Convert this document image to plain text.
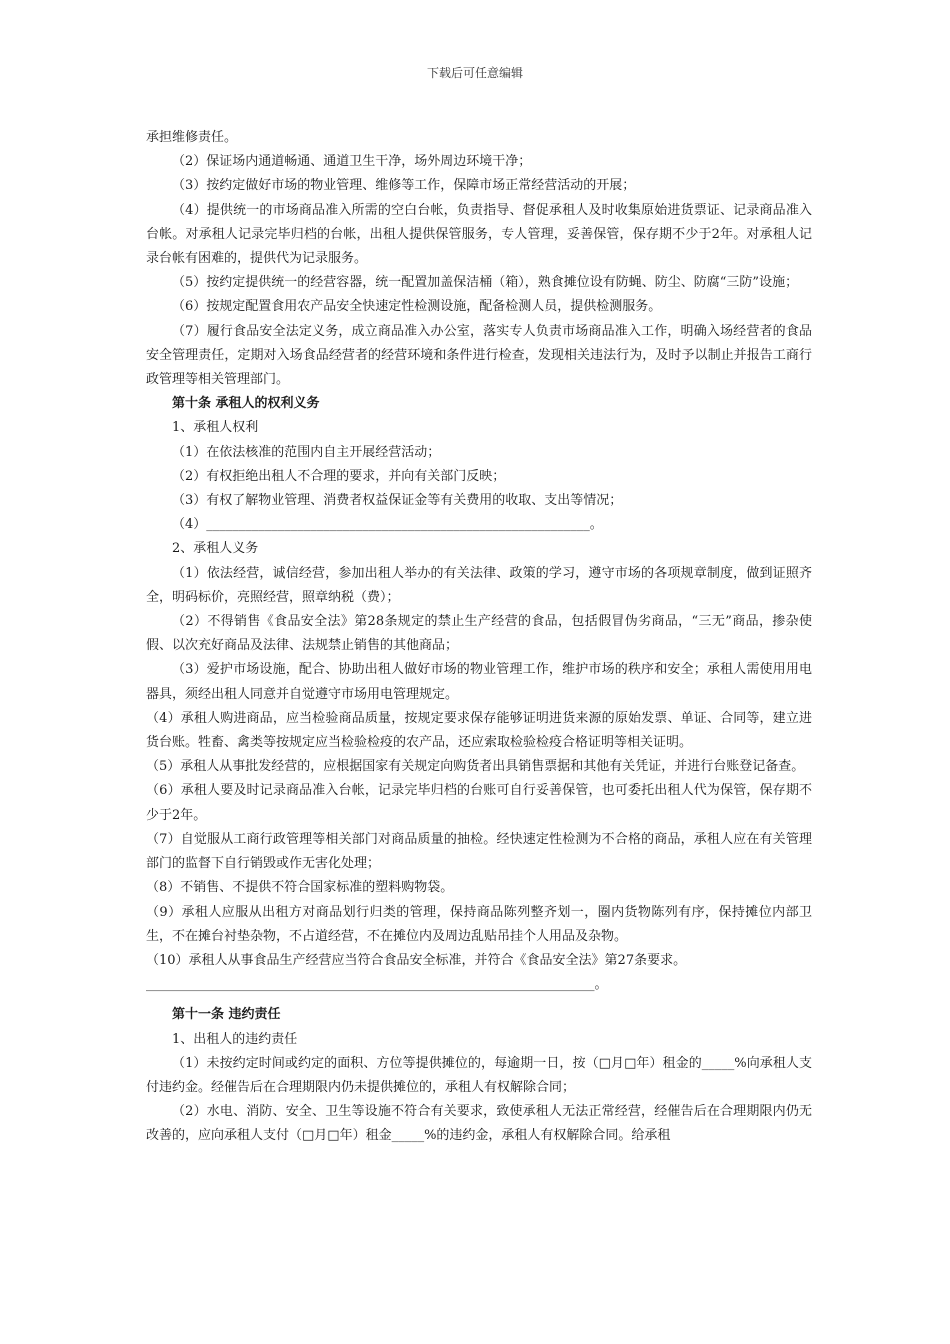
下载后可任意编辑

承担维修责任。

（2）保证场内通道畅通、通道卫生干净，场外周边环境干净；

（3）按约定做好市场的物业管理、维修等工作，保障市场正常经营活动的开展；

（4）提供统一的市场商品准入所需的空白台帐，负责指导、督促承租人及时收集原始进货票证、记录商品准入台帐。对承租人记录完毕归档的台帐，出租人提供保管服务，专人管理，妥善保管，保存期不少于2年。对承租人记录台帐有困难的，提供代为记录服务。

（5）按约定提供统一的经营容器，统一配置加盖保洁桶（箱），熟食摊位设有防蝇、防尘、防腐“三防”设施；

（6）按规定配置食用农产品安全快速定性检测设施，配备检测人员，提供检测服务。

（7）履行食品安全法定义务，成立商品准入办公室，落实专人负责市场商品准入工作，明确入场经营者的食品安全管理责任，定期对入场食品经营者的经营环境和条件进行检查，发现相关违法行为，及时予以制止并报告工商行政管理等相关管理部门。

第十条 承租人的权利义务

1、承租人权利

（1）在依法核准的范围内自主开展经营活动；

（2）有权拒绝出租人不合理的要求，并向有关部门反映；

（3）有权了解物业管理、消费者权益保证金等有关费用的收取、支出等情况；

（4）___________________________________________________________。

2、承租人义务

（1）依法经营，诚信经营，参加出租人举办的有关法律、政策的学习，遵守市场的各项规章制度，做到证照齐全，明码标价，亮照经营，照章纳税（费）；

（2）不得销售《食品安全法》第28条规定的禁止生产经营的食品，包括假冒伪劣商品，“三无”商品，掺杂使假、以次充好商品及法律、法规禁止销售的其他商品；

（3）爱护市场设施，配合、协助出租人做好市场的物业管理工作，维护市场的秩序和安全；承租人需使用用电器具，须经出租人同意并自觉遵守市场用电管理规定。

（4）承租人购进商品，应当检验商品质量，按规定要求保存能够证明进货来源的原始发票、单证、合同等，建立进货台账。牲畜、禽类等按规定应当检验检疫的农产品，还应索取检验检疫合格证明等相关证明。

（5）承租人从事批发经营的，应根据国家有关规定向购货者出具销售票据和其他有关凭证，并进行台账登记备查。

（6）承租人要及时记录商品准入台帐，记录完毕归档的台账可自行妥善保管，也可委托出租人代为保管，保存期不少于2年。

（7）自觉服从工商行政管理等相关部门对商品质量的抽检。经快速定性检测为不合格的商品，承租人应在有关管理部门的监督下自行销毁或作无害化处理；

（8）不销售、不提供不符合国家标准的塑料购物袋。

（9）承租人应服从出租方对商品划行归类的管理，保持商品陈列整齐划一，圈内货物陈列有序，保持摊位内部卫生，不在摊台衬垫杂物，不占道经营，不在摊位内及周边乱贴吊挂个人用品及杂物。

（10）承租人从事食品生产经营应当符合食品安全标准，并符合《食品安全法》第27条要求。

_____________________________________________________________________。

第十一条 违约责任

1、出租人的违约责任

（1）未按约定时间或约定的面积、方位等提供摊位的，每逾期一日，按（□月□年）租金的_____%向承租人支付违约金。经催告后在合理期限内仍未提供摊位的，承租人有权解除合同；

（2）水电、消防、安全、卫生等设施不符合有关要求，致使承租人无法正常经营，经催告后在合理期限内仍无改善的，应向承租人支付（□月□年）租金_____%的违约金，承租人有权解除合同。给承租
